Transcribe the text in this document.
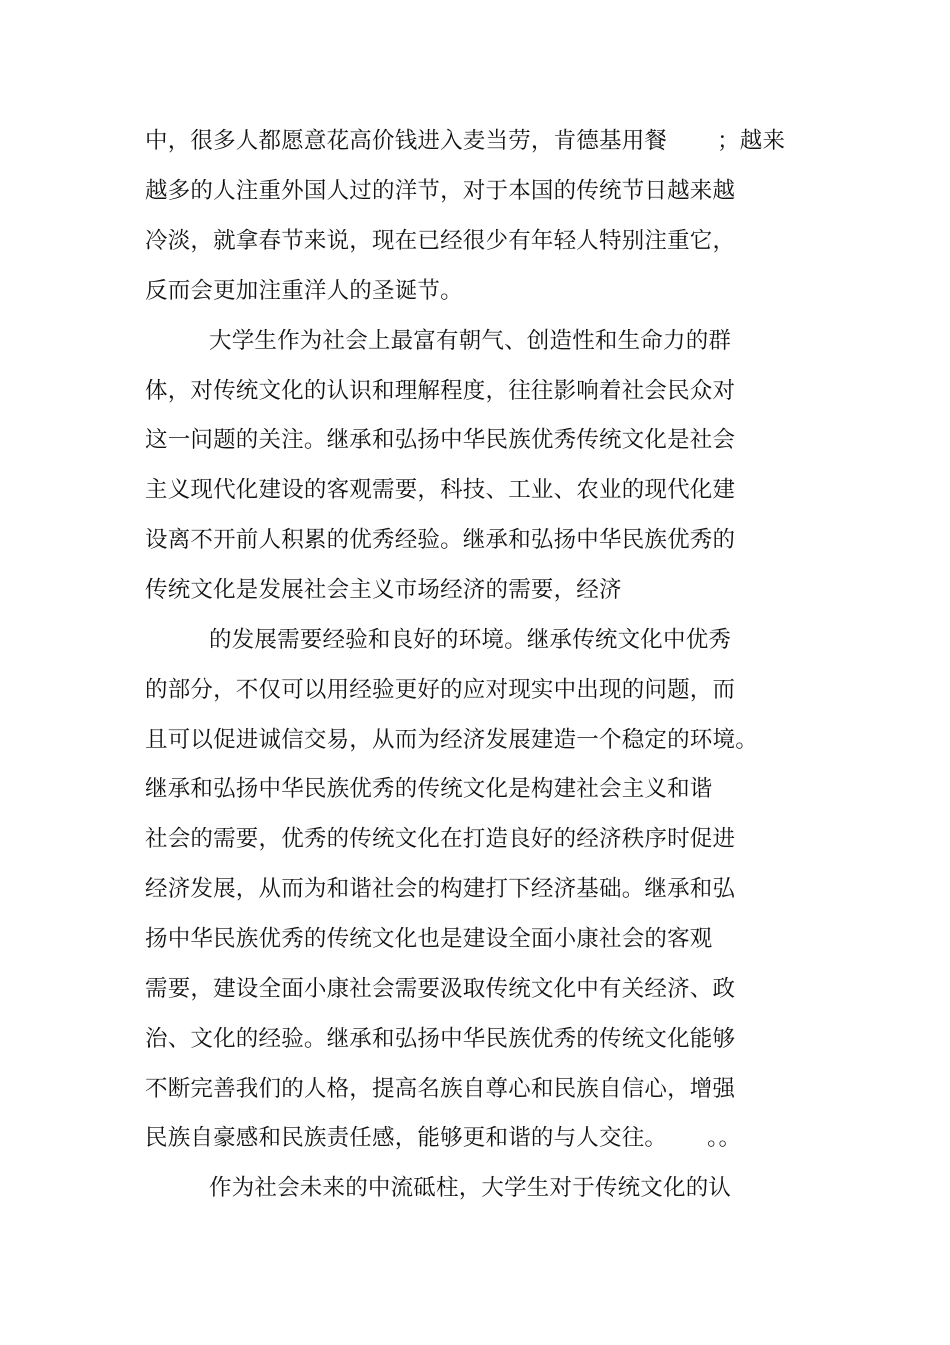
中，很多人都愿意花高价钱进入麦当劳，肯德基用餐 ；越来
越多的人注重外国人过的洋节，对于本国的传统节日越来越
冷淡，就拿春节来说，现在已经很少有年轻人特别注重它，
反而会更加注重洋人的圣诞节。
大学生作为社会上最富有朝气、创造性和生命力的群
体，对传统文化的认识和理解程度，往往影响着社会民众对
这一问题的关注。继承和弘扬中华民族优秀传统文化是社会
主义现代化建设的客观需要，科技、工业、农业的现代化建
设离不开前人积累的优秀经验。继承和弘扬中华民族优秀的
传统文化是发展社会主义市场经济的需要，经济
的发展需要经验和良好的环境。继承传统文化中优秀
的部分，不仅可以用经验更好的应对现实中出现的问题，而
且可以促进诚信交易，从而为经济发展建造一个稳定的环境。
继承和弘扬中华民族优秀的传统文化是构建社会主义和谐
社会的需要，优秀的传统文化在打造良好的经济秩序时促进
经济发展，从而为和谐社会的构建打下经济基础。继承和弘
扬中华民族优秀的传统文化也是建设全面小康社会的客观
需要，建设全面小康社会需要汲取传统文化中有关经济、政
治、文化的经验。继承和弘扬中华民族优秀的传统文化能够
不断完善我们的人格，提高名族自尊心和民族自信心，增强
民族自豪感和民族责任感，能够更和谐的与人交往。 。。
作为社会未来的中流砥柱，大学生对于传统文化的认
